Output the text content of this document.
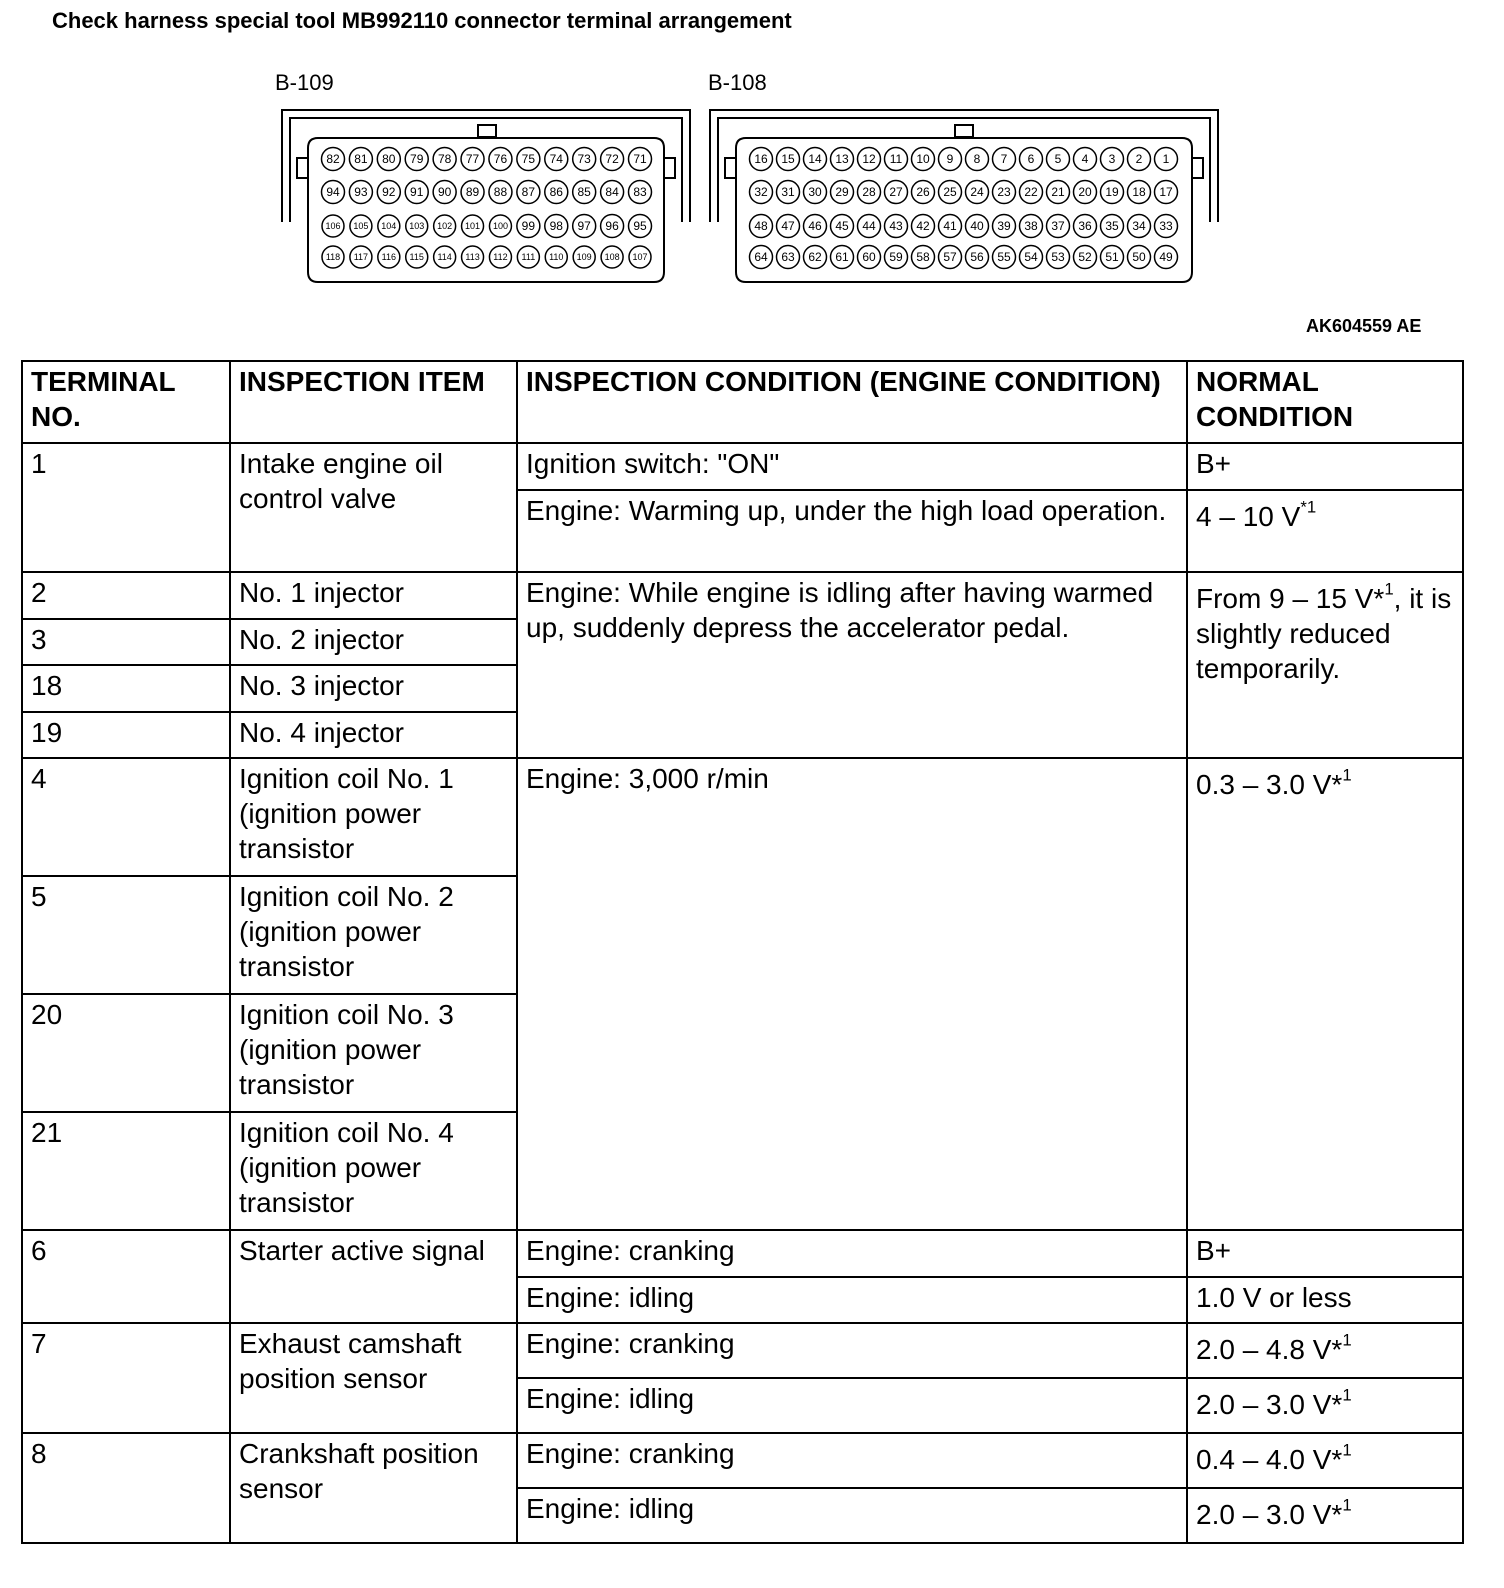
Check harness special tool MB992110 connector terminal arrangement
B-109	B-108
82 81 80 79 78 77 76 75 74 73 72 71
94 93 92 91 90 89 88 87 86 85 84 83
106 105 104 103 102 101 100 99 98 97 96 95
118 117 116 115 114 113 112 111 110 109 108 107
16 15 14 13 12 11 10 9 8 7 6 5 4 3 2 1
32 31 30 29 28 27 26 25 24 23 22 21 20 19 18 17
48 47 46 45 44 43 42 41 40 39 38 37 36 35 34 33
64 63 62 61 60 59 58 57 56 55 54 53 52 51 50 49
AK604559 AE
TERMINAL NO.	INSPECTION ITEM	INSPECTION CONDITION (ENGINE CONDITION)	NORMAL CONDITION
1	Intake engine oil control valve	Ignition switch: "ON"	B+
		Engine: Warming up, under the high load operation.	4 – 10 $V^{*1}$
2	No. 1 injector	Engine: While engine is idling after having warmed up, suddenly depress the accelerator pedal.	From 9 – 15 V*$^1$, it is slightly reduced temporarily.
3	No. 2 injector		
18	No. 3 injector		
19	No. 4 injector		
4	Ignition coil No. 1 (ignition power transistor	Engine: 3,000 r/min	0.3 – 3.0 V*$^1$
5	Ignition coil No. 2 (ignition power transistor		
20	Ignition coil No. 3 (ignition power transistor		
21	Ignition coil No. 4 (ignition power transistor		
6	Starter active signal	Engine: cranking	B+
		Engine: idling	1.0 V or less
7	Exhaust camshaft position sensor	Engine: cranking	2.0 – 4.8 V*$^1$
		Engine: idling	2.0 – 3.0 V*$^1$
8	Crankshaft position sensor	Engine: cranking	0.4 – 4.0 V*$^1$
		Engine: idling	2.0 – 3.0 V*$^1$
